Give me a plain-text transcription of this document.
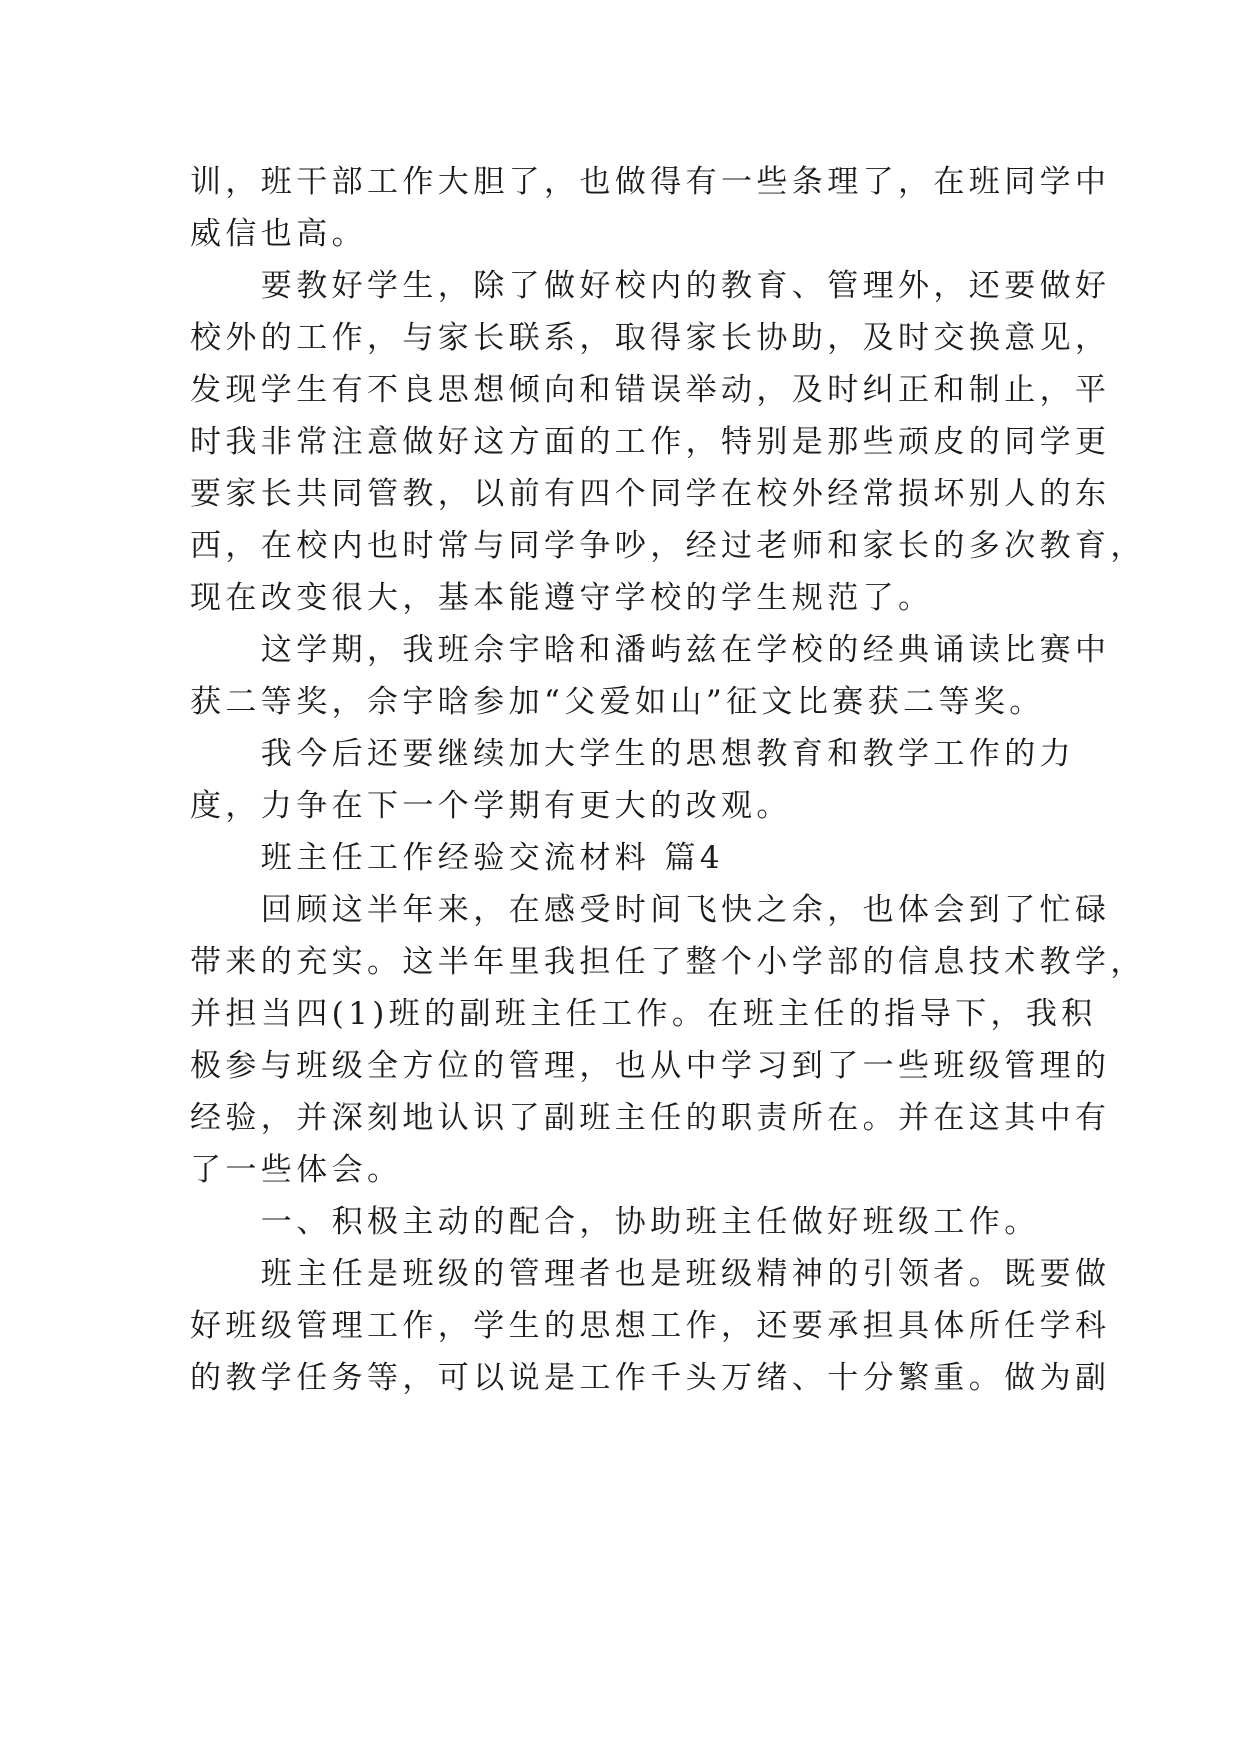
训，班干部工作大胆了，也做得有一些条理了，在班同学中
威信也高。
　　要教好学生，除了做好校内的教育、管理外，还要做好
校外的工作，与家长联系，取得家长协助，及时交换意见，
发现学生有不良思想倾向和错误举动，及时纠正和制止，平
时我非常注意做好这方面的工作，特别是那些顽皮的同学更
要家长共同管教，以前有四个同学在校外经常损坏别人的东
西，在校内也时常与同学争吵，经过老师和家长的多次教育，
现在改变很大，基本能遵守学校的学生规范了。
　　这学期，我班佘宇晗和潘屿兹在学校的经典诵读比赛中
获二等奖，佘宇晗参加“父爱如山”征文比赛获二等奖。
　　我今后还要继续加大学生的思想教育和教学工作的力
度，力争在下一个学期有更大的改观。
　　班主任工作经验交流材料 篇4
　　回顾这半年来，在感受时间飞快之余，也体会到了忙碌
带来的充实。这半年里我担任了整个小学部的信息技术教学，
并担当四(1)班的副班主任工作。在班主任的指导下，我积
极参与班级全方位的管理，也从中学习到了一些班级管理的
经验，并深刻地认识了副班主任的职责所在。并在这其中有
了一些体会。
　　一、积极主动的配合，协助班主任做好班级工作。
　　班主任是班级的管理者也是班级精神的引领者。既要做
好班级管理工作，学生的思想工作，还要承担具体所任学科
的教学任务等，可以说是工作千头万绪、十分繁重。做为副
